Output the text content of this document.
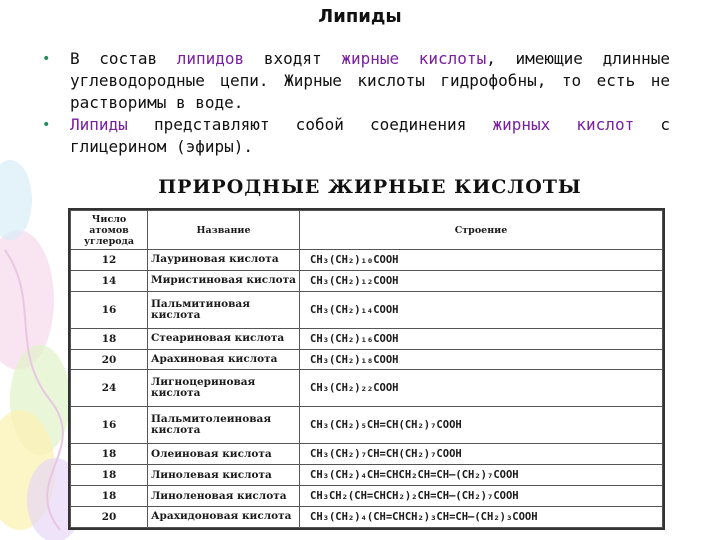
Липиды
• В состав липидов входят жирные кислоты, имеющие длинные углеводородные цепи. Жирные кислоты гидрофобны, то есть не растворимы в воде.
• Липиды представляют собой соединения жирных кислот с глицерином (эфиры).
ПРИРОДНЫЕ ЖИРНЫЕ КИСЛОТЫ
Число атомов углерода	Название	Строение
12	Лауриновая кислота	CH₃(CH₂)₁₀COOH
14	Миристиновая кислота	CH₃(CH₂)₁₂COOH
16	Пальмитиновая кислота	CH₃(CH₂)₁₄COOH
18	Стеариновая кислота	CH₃(CH₂)₁₆COOH
20	Арахиновая кислота	CH₃(CH₂)₁₈COOH
24	Лигноцериновая кислота	CH₃(CH₂)₂₂COOH
16	Пальмитолеиновая кислота	CH₃(CH₂)₅CH=CH(CH₂)₇COOH
18	Олеиновая кислота	CH₃(CH₂)₇CH=CH(CH₂)₇COOH
18	Линолевая кислота	CH₃(CH₂)₄CH=CHCH₂CH=CH–(CH₂)₇COOH
18	Линоленовая кислота	CH₃CH₂(CH=CHCH₂)₂CH=CH–(CH₂)₇COOH
20	Арахидоновая кислота	CH₃(CH₂)₄(CH=CHCH₂)₃CH=CH–(CH₂)₃COOH
